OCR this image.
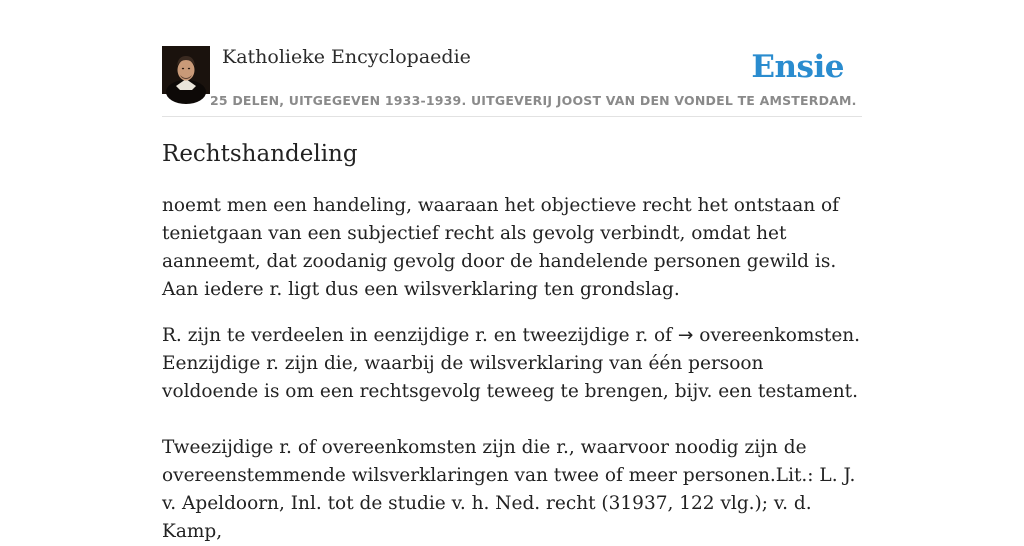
Katholieke Encyclopaedie
25 DELEN, UITGEGEVEN 1933-1939. UITGEVERIJ JOOST VAN DEN VONDEL TE AMSTERDAM.
Ensie
Rechtshandeling

noemt men een handeling, waaraan het objectieve recht het ontstaan of tenietgaan van een subjectief recht als gevolg verbindt, omdat het aanneemt, dat zoodanig gevolg door de handelende personen gewild is. Aan iedere r. ligt dus een wilsverklaring ten grondslag.

R. zijn te verdeelen in eenzijdige r. en tweezijdige r. of → overeenkomsten. Eenzijdige r. zijn die, waarbij de wilsverklaring van één persoon voldoende is om een rechtsgevolg teweeg te brengen, bijv. een testament.

Tweezijdige r. of overeenkomsten zijn die r., waarvoor noodig zijn de overeenstemmende wilsverklaringen van twee of meer personen.Lit.: L. J. v. Apeldoorn, Inl. tot de studie v. h. Ned. recht (31937, 122 vlg.); v. d. Kamp,
